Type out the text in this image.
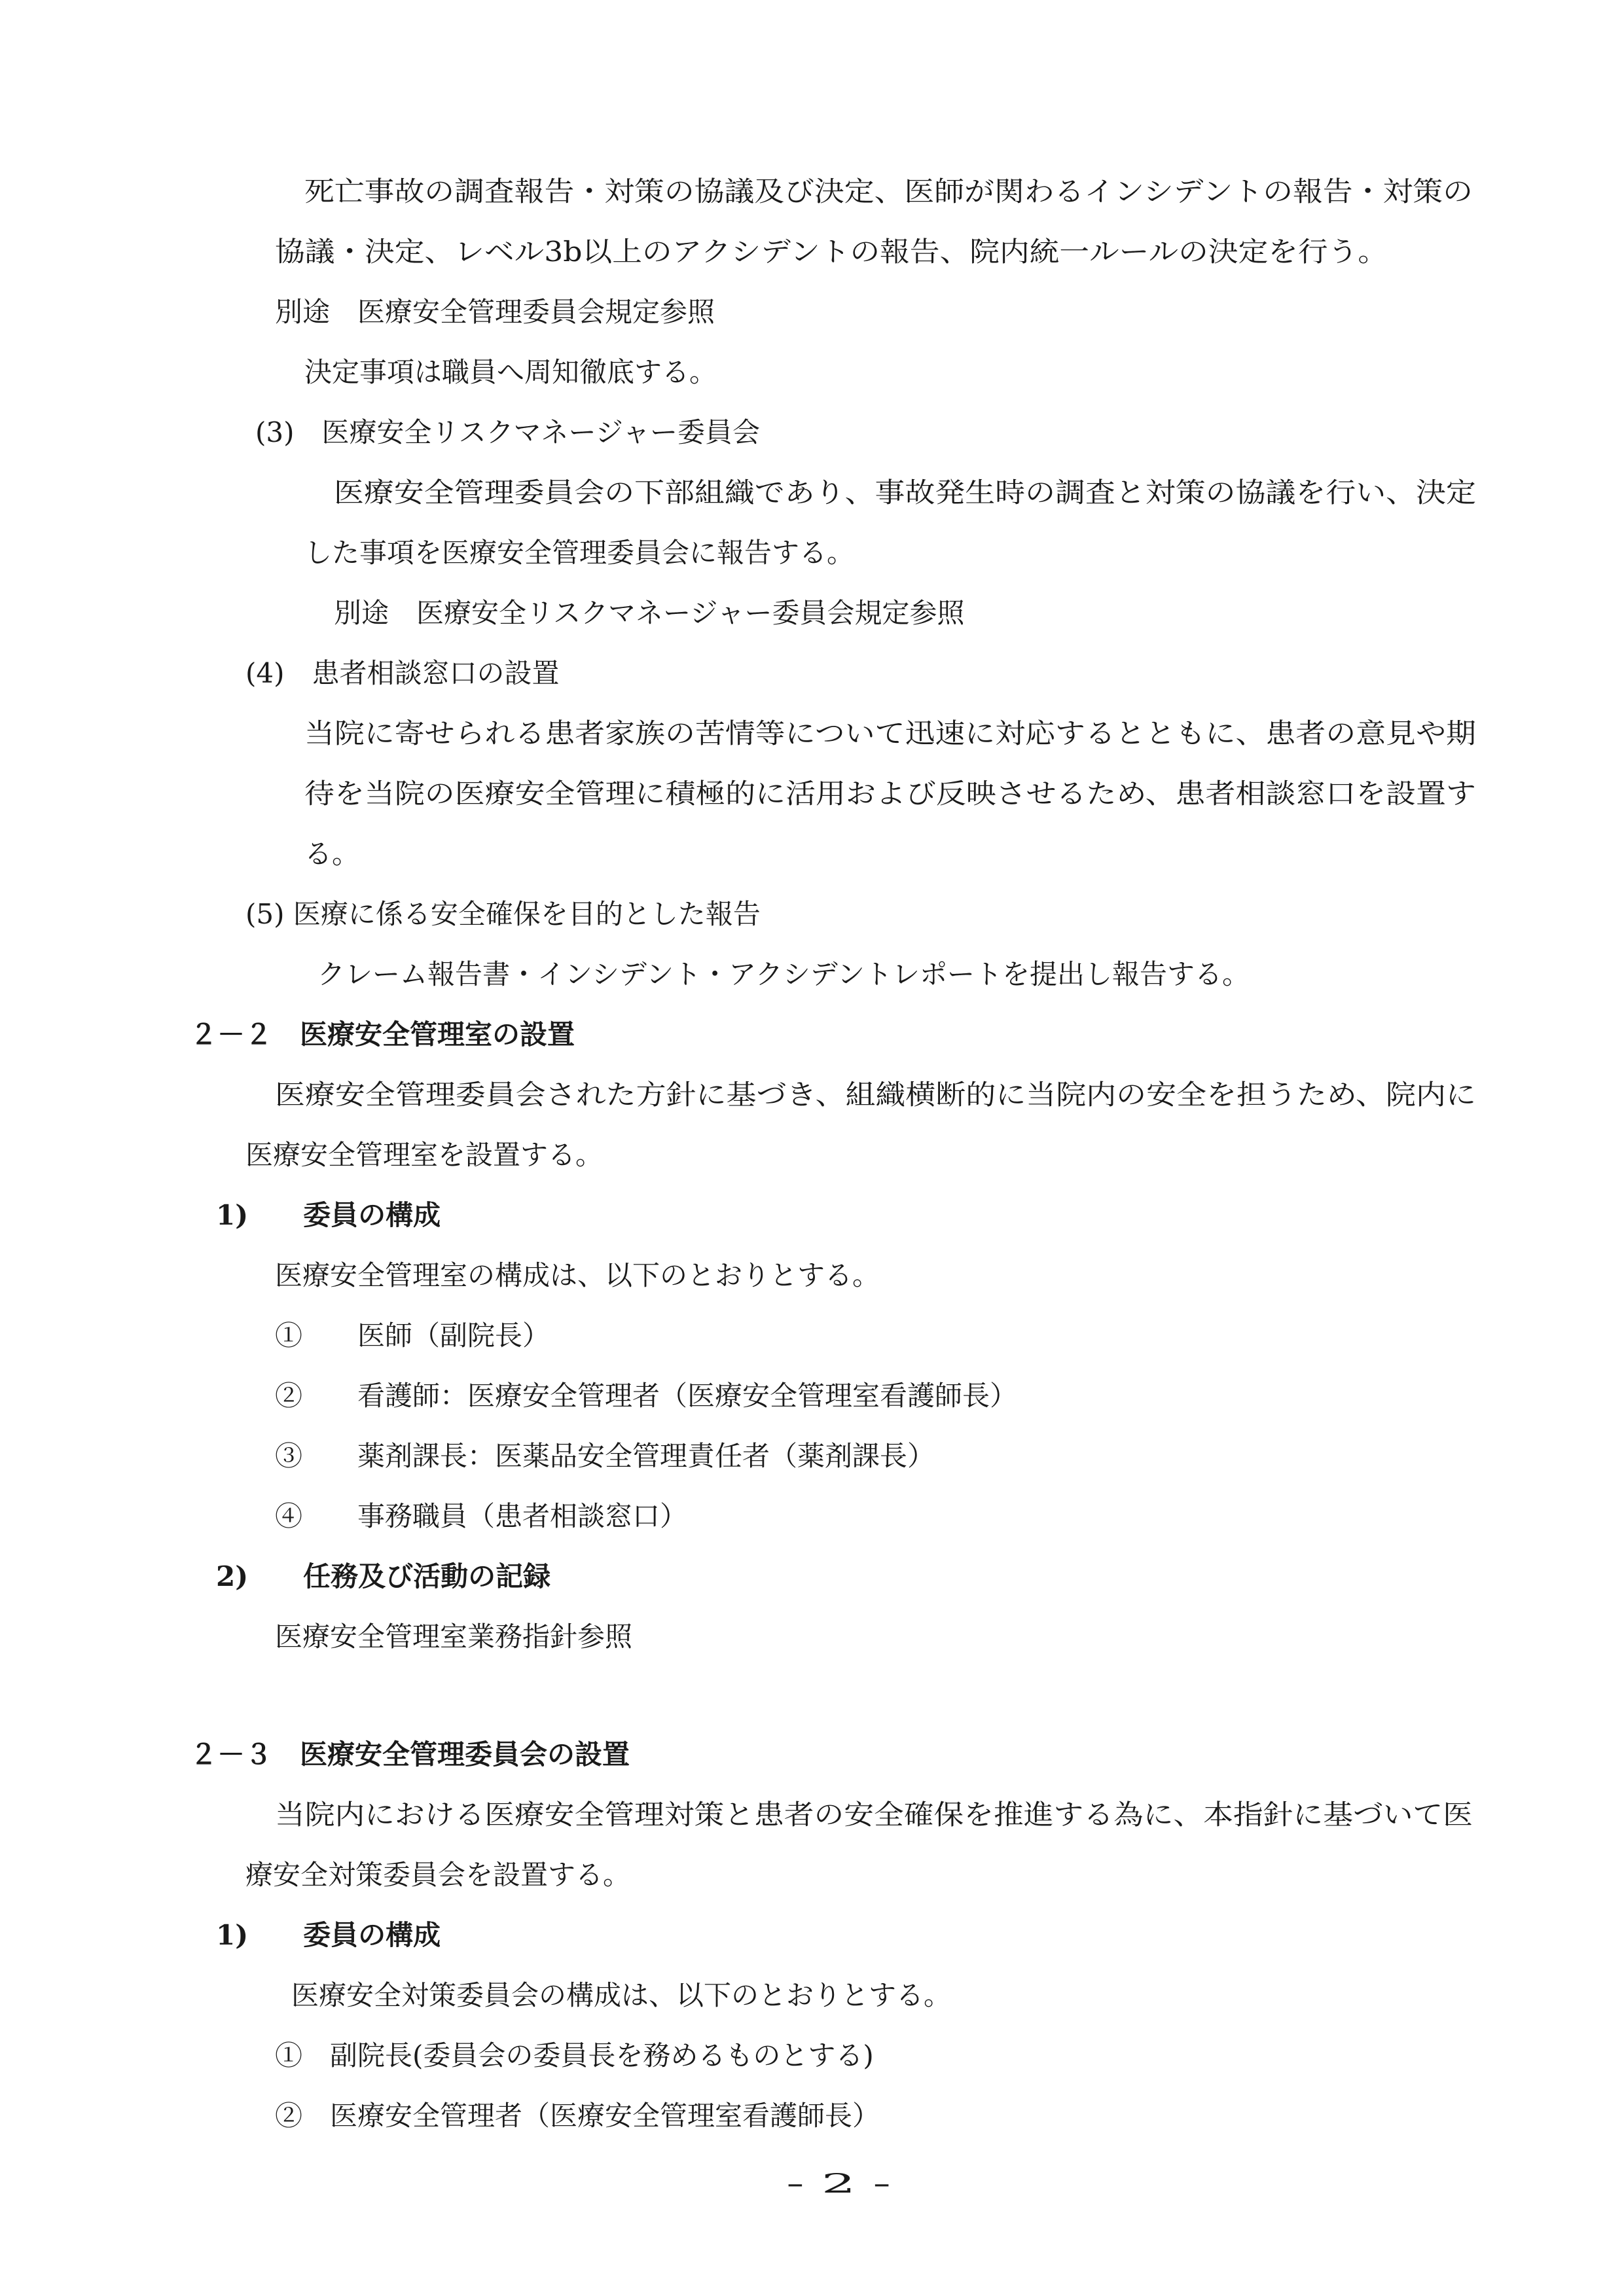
死亡事故の調査報告・対策の協議及び決定、医師が関わるインシデントの報告・対策の
協議・決定、レベル3b以上のアクシデントの報告、院内統一ルールの決定を行う。
別途　医療安全管理委員会規定参照
決定事項は職員へ周知徹底する。
(3)　医療安全リスクマネージャー委員会
医療安全管理委員会の下部組織であり、事故発生時の調査と対策の協議を行い、決定
した事項を医療安全管理委員会に報告する。
別途　医療安全リスクマネージャー委員会規定参照
(4)　患者相談窓口の設置
当院に寄せられる患者家族の苦情等について迅速に対応するとともに、患者の意見や期
待を当院の医療安全管理に積極的に活用および反映させるため、患者相談窓口を設置す
る。
(5) 医療に係る安全確保を目的とした報告
クレーム報告書・インシデント・アクシデントレポートを提出し報告する。
２－２　医療安全管理室の設置
医療安全管理委員会された方針に基づき、組織横断的に当院内の安全を担うため、院内に
医療安全管理室を設置する。
1)　　委員の構成
医療安全管理室の構成は、以下のとおりとする。
①　　医師（副院長）
②　　看護師：医療安全管理者（医療安全管理室看護師長）
③　　薬剤課長：医薬品安全管理責任者（薬剤課長）
④　　事務職員（患者相談窓口）
2)　　任務及び活動の記録
医療安全管理室業務指針参照
２－３　医療安全管理委員会の設置
当院内における医療安全管理対策と患者の安全確保を推進する為に、本指針に基づいて医
療安全対策委員会を設置する。
1)　　委員の構成
医療安全対策委員会の構成は、以下のとおりとする。
①　副院長(委員会の委員長を務めるものとする)
②　医療安全管理者（医療安全管理室看護師長）
- 2 -
